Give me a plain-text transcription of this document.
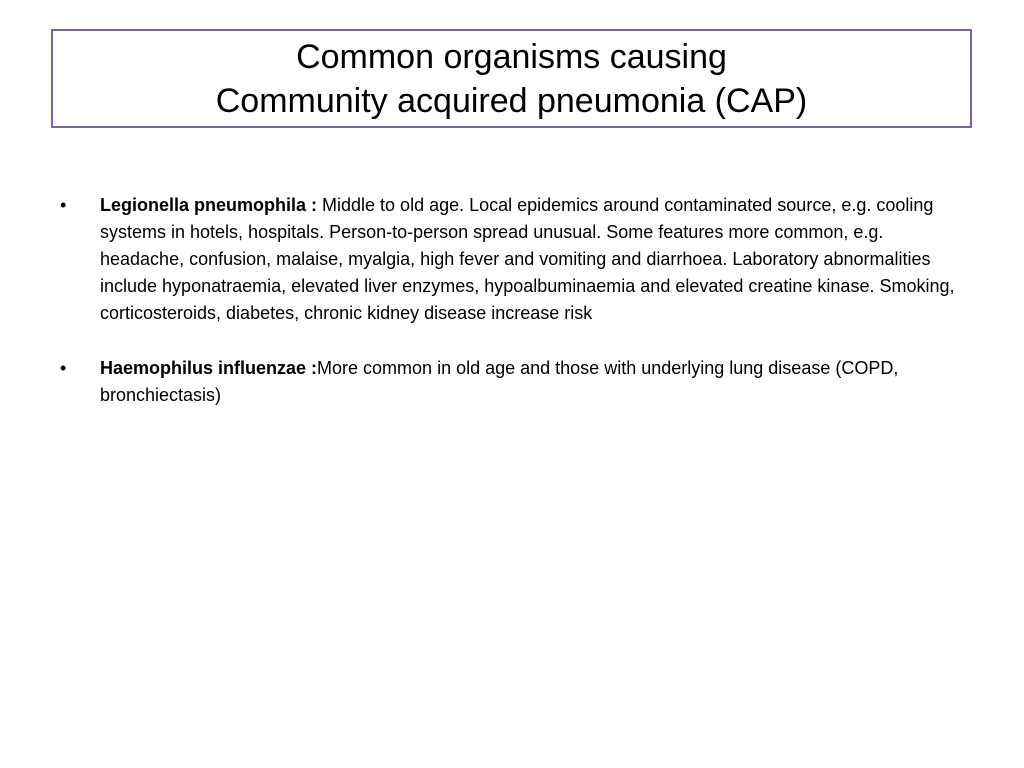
Common organisms causing
Community acquired pneumonia (CAP)
•	Legionella pneumophila : Middle to old age. Local epidemics around contaminated source, e.g. cooling systems in hotels, hospitals. Person-to-person spread unusual. Some features more common, e.g. headache, confusion, malaise, myalgia, high fever and vomiting and diarrhoea. Laboratory abnormalities include hyponatraemia, elevated liver enzymes, hypoalbuminaemia and elevated creatine kinase. Smoking, corticosteroids, diabetes, chronic kidney disease increase risk
•	Haemophilus influenzae :More common in old age and those with underlying lung disease (COPD, bronchiectasis)
